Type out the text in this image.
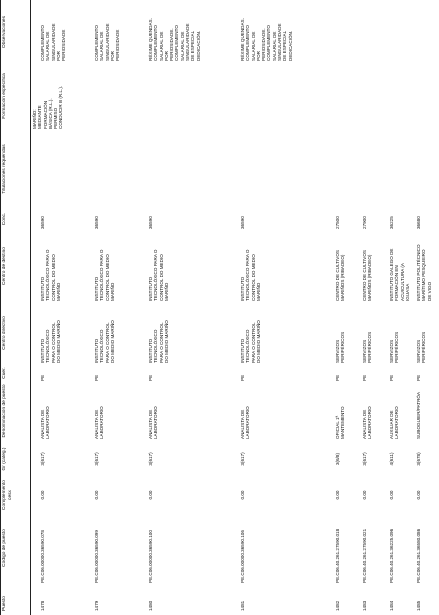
Puesto
Código de puesto
Complemento cesx
Gr (categ.)
Denominación de puesto
Cuer.
Centro directivo
Centro de destino
Conc.
Titulaciones requeridas
Formación específica
Observaciones
1478
PE.C06.00000.36590.078
0.00
3(617)
ANALISTA DE
LABORATORIO
PE
INSTITUTO
TECNOLÓXICO
PARA O CONTROL
DO MEDIO MARIÑO
INSTITUTO
TECNOLÓXICO PARA O
CONTROL DO MEDIO
MARIÑO
36590
MARIÑO:
MEDIANTE
FORMACIÓN
BÁSICA (R.L.).
PERMISO
CONDUCIR B (R.L.).
COMPLEMENTO
SALARIAL DE
SINGULARIDADE
POR
PERIOSIDADE
1479
PE.C06.00000.36590.099
0.00
3(617)
ANALISTA DE
LABORATORIO
PE
INSTITUTO
TECNOLÓXICO
PARA O CONTROL
DO MEDIO MARIÑO
INSTITUTO
TECNOLÓXICO PARA O
CONTROL DO MEDIO
MARIÑO
36590
COMPLEMENTO
SALARIAL DE
SINGULARIDADE
POR
PERIOSIDADE
1480
PE.C06.00000.36590.100
0.00
3(617)
ANALISTA DE
LABORATORIO
PE
INSTITUTO
TECNOLÓXICO
PARA O CONTROL
DO MEDIO MARIÑO
INSTITUTO
TECNOLÓXICO PARA O
CONTROL DO MEDIO
MARIÑO
36590
RÉXIME QUENDAS.
COMPLEMENTO
SALARIAL DE
POR
PERIOSIDADE.
COMPLEMENTO
SALARIAL DE
SINGULARIDADE
DE ESPECIAL
DEDICACIÓN.
1481
PE.C06.00000.36590.106
0.00
3(617)
ANALISTA DE
LABORATORIO
PE
INSTITUTO
TECNOLÓXICO
PARA O CONTROL
DO MEDIO MARIÑO
INSTITUTO
TECNOLÓXICO PARA O
CONTROL DO MEDIO
MARIÑO
36590
RÉXIME QUENDAS.
COMPLEMENTO
SALARIAL DE
POR
PERIOSIDADE.
COMPLEMENTO
SALARIAL DE
SINGULARIDADE
DE ESPECIAL
DEDICACIÓN.
1482
PE.C06.40.261.27590.018
0.00
3(6/8)
OFICIAL 1ª
MANTEMENTO
PE
SERVIZOS
PERIFÉRICOS
CENTRO DE CULTIVOS
MARIÑOS (RIBADEO)
27500
1483
PE.C06.40.261.27590.021
0.00
3(617)
ANALISTA DE
LABORATORIO
PE
SERVIZOS
PERIFÉRICOS
CENTRO DE CULTIVOS
MARIÑOS (RIBADEO)
27900
1484
PE.C06.40.261.36225.096
0.00
4(611)
AUXILIAR DE
LABORATORIO
PE
SERVIZOS
PERIFÉRICOS
INSTITUTO GALEGO DE
FORMACIÓN EN
ACUICULTURA (A
IGUASA
36225
1485
PE.C06.40.261.36580.086
0.00
3(678)
SUBOGUIER/PATRÓA
PE
SERVIZOS
PERIFÉRICOS
INSTITUTO POLITÉCNICO
MARÍTIMO PESQUEIRO
DE VIGO
36680
